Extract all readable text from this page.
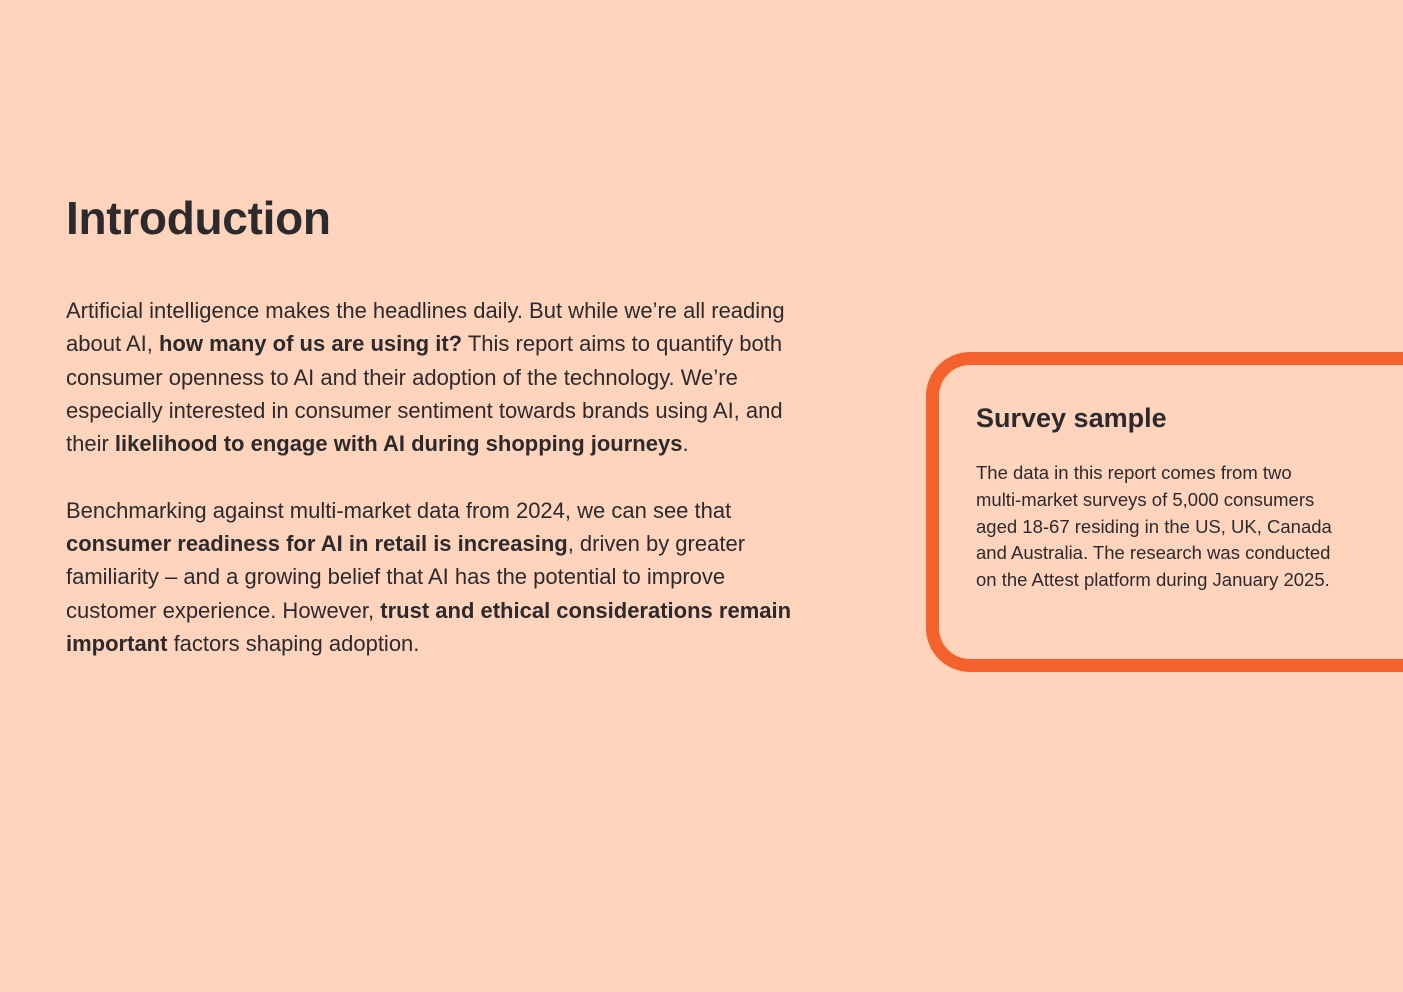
Introduction

Artificial intelligence makes the headlines daily. But while we’re all reading about AI, how many of us are using it? This report aims to quantify both consumer openness to AI and their adoption of the technology. We’re especially interested in consumer sentiment towards brands using AI, and their likelihood to engage with AI during shopping journeys.

Benchmarking against multi-market data from 2024, we can see that consumer readiness for AI in retail is increasing, driven by greater familiarity – and a growing belief that AI has the potential to improve customer experience. However, trust and ethical considerations remain important factors shaping adoption.

Survey sample

The data in this report comes from two multi-market surveys of 5,000 consumers aged 18-67 residing in the US, UK, Canada and Australia. The research was conducted on the Attest platform during January 2025.
